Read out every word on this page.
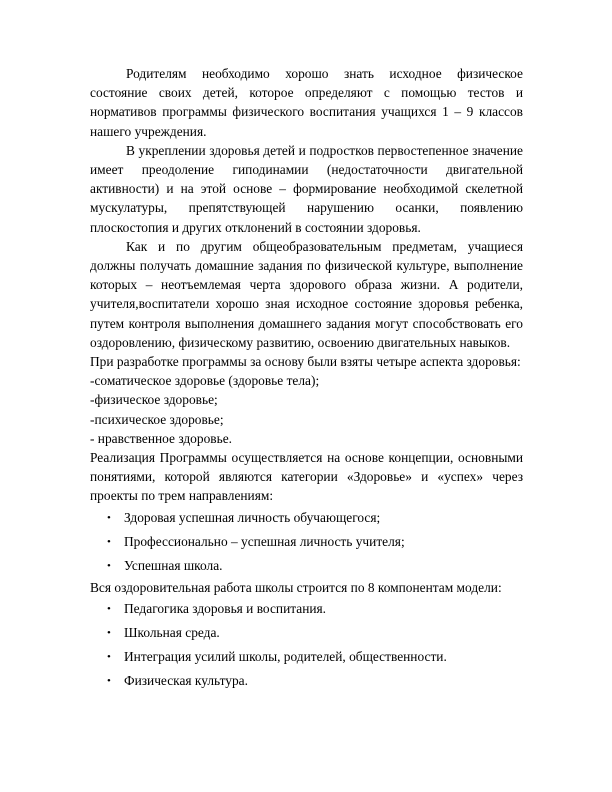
Родителям необходимо хорошо знать исходное физическое состояние своих детей, которое определяют с помощью тестов и нормативов программы физического воспитания учащихся 1 – 9 классов нашего учреждения.

В укреплении здоровья детей и подростков первостепенное значение имеет преодоление гиподинамии (недостаточности двигательной активности) и на этой основе – формирование необходимой скелетной мускулатуры, препятствующей нарушению осанки, появлению плоскостопия и других отклонений в состоянии здоровья.

Как и по другим общеобразовательным предметам, учащиеся должны получать домашние задания по физической культуре, выполнение которых – неотъемлемая черта здорового образа жизни. А родители, учителя,воспитатели хорошо зная исходное состояние здоровья ребенка, путем контроля выполнения домашнего задания могут способствовать его оздоровлению, физическому развитию, освоению двигательных навыков.

При разработке программы за основу были взяты четыре аспекта здоровья:

-соматическое здоровье (здоровье тела);
-физическое здоровье;
-психическое здоровье;
- нравственное здоровье.

Реализация Программы осуществляется на основе концепции, основными понятиями, которой являются категории «Здоровье» и «успех» через проекты по трем направлениям:

• Здоровая успешная личность обучающегося;
• Профессионально – успешная личность учителя;
• Успешная школа.
Вся оздоровительная работа школы строится по 8 компонентам модели:
• Педагогика здоровья и воспитания.
• Школьная среда.
• Интеграция усилий школы, родителей, общественности.
• Физическая культура.
